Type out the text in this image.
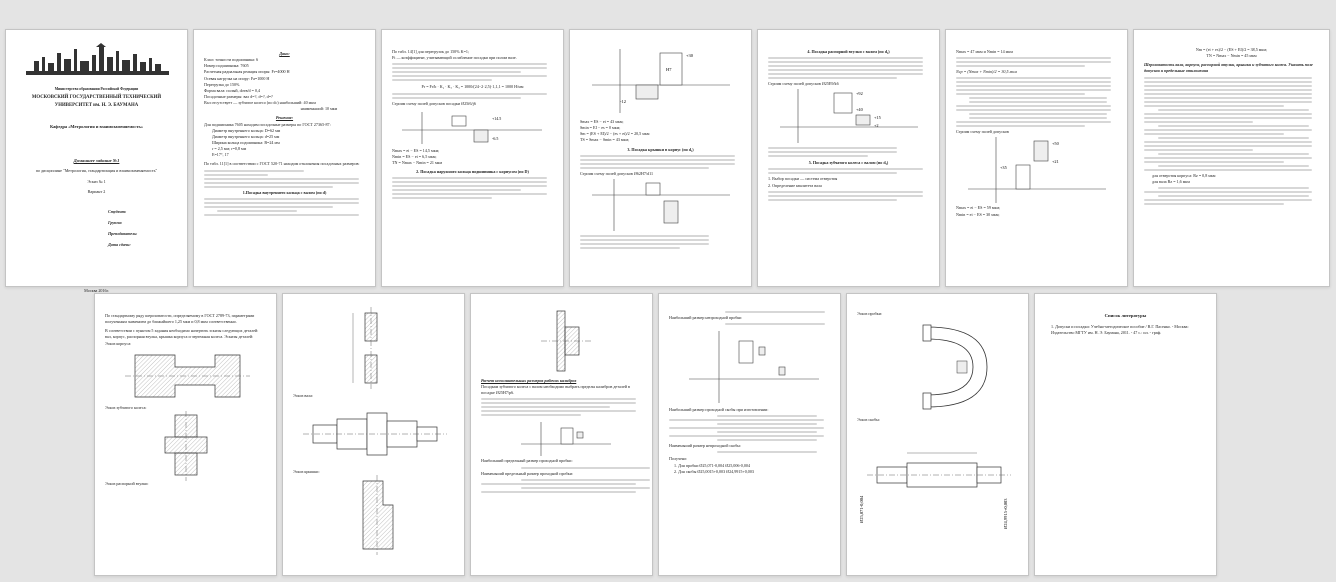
Министерство образования Российской Федерации
МОСКОВСКИЙ ГОСУДАРСТВЕННЫЙ ТЕХНИЧЕСКИЙ УНИВЕРСИТЕТ им. Н. Э. БАУМАНА
Кафедра «Метрология и взаимозаменяемость»
Домашнее задание №1
по дисциплине "Метрология, стандартизация и взаимозаменяемость"
Эскиз № 1
Вариант 2
Студент:
Группа:
Преподаватель:
Дата сдачи:
Москва 2016г.
Дано:
Класс точности подшипника: 6
Номер подшипника: 7605
Расчетная радиальная реакция опоры: Fr=4000 Н
Осевая нагрузка на опору: Fa=1000 Н
Перегрузка до 150%
Форма вала: полый, dотв/d = 0,4
Посадочные размеры: вал d=?, d=?, d=?
Вал отсутствует — зубчатое колесо (по dc) наибольший: 40 мкм
наименьший: 10 мкм
Решение:
Для подшипника 7605 находим посадочные размеры по ГОСТ 27365-87:
Диаметр внутреннего кольца: D=62 мм
Диаметр внутреннего кольца: d=25 мм
Ширина кольца подшипника: B=24 мм
r = 2,5 мм; r=0,8 мм
E=17°, 17
По табл. 11[1] в соответствии с ГОСТ 520-71 находим отклонения посадочных размеров:
1.Посадка внутреннего кольца с валом (по d)
По табл. 14[1] для перегрузок до 150% K=1;
Ft — коэффициент, учитывающий ослабление посадки при полом вале.
Pr = Fr/b · K₁ · K₂ · K₃ = 1000/(24−2·2,5)·1,1,1 = 1000 Н/мм
Строим схему полей допусков посадки Ø25f6/j6
+14.5
-6.5
Nmax = ei − ES = 14,5 мкм;
Nmin = ES − ei = 6,5 мкм;
TN = Nmax − Nmin = 21 мкм
2. Посадка наружного кольца подшипника с корпусом (по D)
+30
-12
H7
Smax = ES − ei = 43 мкм;
Smin = EI − es = 0 мкм;
Sm = (ES + EI)/2 − (es + ei)/2 = 20,5 мкм
TS = Smax − Smin = 43 мкм;
3. Посадка крышки в корпус (по d₁)
Строим схему полей допусков Ø62H7/d11
4. Посадка распорной втулки с валом (по d₂)
Строим схему полей допусков Ø25E9/k6
+92
+40
+15
+2
5. Посадка зубчатого колеса с валом (по d₃)
1. Выбор посадки — система отверстия
2. Определение квалитета вала
Nmax = 47 мкм и Nmin = 14 мкм
Ncp = (Nmax + Nmin)/2 = 30,5 мкм
Строим схему полей допусков
+50
+21
+35
Nmax = ei − ES = 59 мкм;
Nmin = ei − ES = 30 мкм;
Nm = (ei + es)/2 − (ES + EI)/2 = 38,5 мкм;
TN = Nmax − Nmin = 45 мкм
Шероховатость вала, корпуса, распорной втулки, крышки и зубчатого колеса. Указать поле допусков и предельные отклонения
для отверстия корпуса: Rz = 0,8 мкм
для вала Rz = 1,6 мкм
По стандартному ряду шероховатости, определяемому в ГОСТ 2789-73, параметрами полученным значением до ближайшего 1,25 мкм и 0,8 мкм соответственно.
В соответствии с пунктом 5 задания необходимо начертить эскизы следующих деталей: вал, корпус, распорная втулка, крышка корпуса и чертежная колеса. Эскизы деталей:
Эскиз корпуса:
Эскиз зубчатого колеса:
Эскиз распорной втулки:
Эскиз вала:
Эскиз крышки:
Расчет исполнительных размеров рабочих калибров
Посадкам зубчатого колеса с валом необходимо выбрать пределы калибров деталей в посадке Ø25H7/p6.
Наибольший предельный размер проходной пробки:
Наименьший предельный размер проходной пробки:
Наибольший размер непроходной пробки
Наибольший размер проходной скобы при изготовлении:
Наименьший размер непроходной скобы:
Получено:
1. Для пробки Ø25,071-0,004 Ø25,006-0,004
2. Для скобы Ø25,0015+0,003 Ø24,9915+0,003
Эскиз пробки:
Эскиз скобы:
Ø25,071-0,004	Ø24,9915+0,003
Список литературы
1. Допуски и посадки: Учебно-методическое пособие / В.Г. Пасенко. - Москва: Издательство МГТУ им. Н. Э. Баумана, 2011. - 47 с.: ил. - граф.
